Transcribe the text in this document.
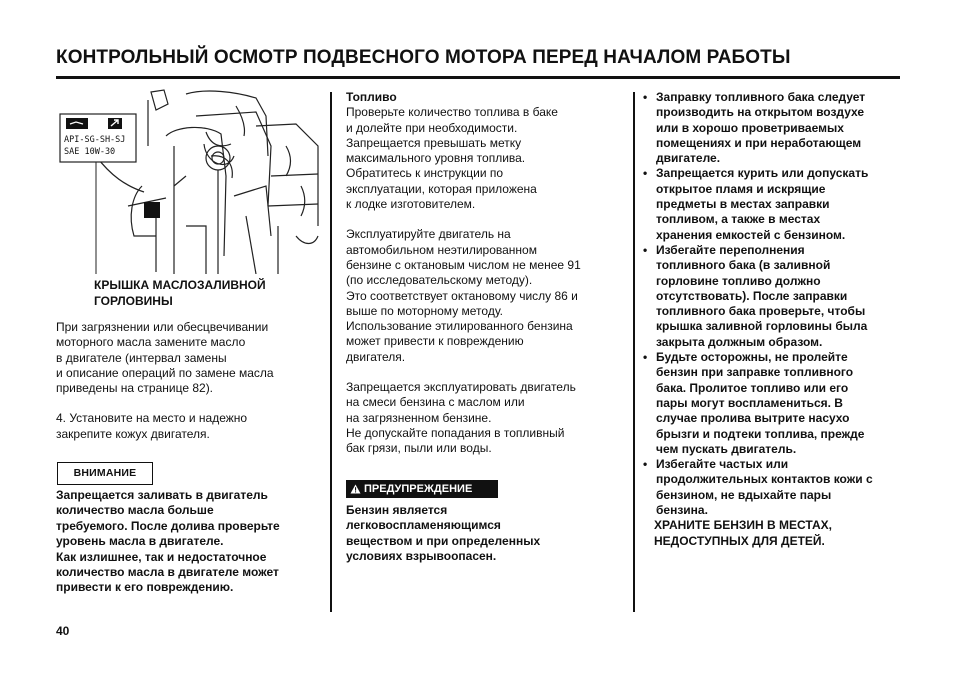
КОНТРОЛЬНЫЙ ОСМОТР ПОДВЕСНОГО МОТОРА ПЕРЕД НАЧАЛОМ РАБОТЫ
API-SG-SH-SJ
SAE 10W-30
КРЫШКА МАСЛОЗАЛИВНОЙ
ГОРЛОВИНЫ
При загрязнении или обесцвечивании
моторного масла замените масло
в двигателе (интервал замены
и описание операций по замене масла
приведены на странице 82).
4. Установите на место и надежно
закрепите кожух двигателя.
ВНИМАНИЕ
Запрещается заливать в двигатель
количество масла больше
требуемого. После долива проверьте
уровень масла в двигателе.
Как излишнее, так и недостаточное
количество масла в двигателе может
привести к его повреждению.
Топливо
Проверьте количество топлива в баке
и долейте при необходимости.
Запрещается превышать метку
максимального уровня топлива.
Обратитесь к инструкции по
эксплуатации, которая приложена
к лодке изготовителем.
Эксплуатируйте двигатель на
автомобильном неэтилированном
бензине с октановым числом не менее 91
(по исследовательскому методу).
Это соответствует октановому числу 86 и
выше по моторному методу.
Использование этилированного бензина
может привести к повреждению
двигателя.
Запрещается эксплуатировать двигатель
на смеси бензина с маслом или
на загрязненном бензине.
Не допускайте попадания в топливный
бак грязи, пыли или воды.
ПРЕДУПРЕЖДЕНИЕ
Бензин является
легковоспламеняющимся
веществом и при определенных
условиях взрывоопасен.
• Заправку топливного бака следует
производить на открытом воздухе
или в хорошо проветриваемых
помещениях и при неработающем
двигателе.
• Запрещается курить или допускать
открытое пламя и искрящие
предметы в местах заправки
топливом, а также в местах
хранения емкостей с бензином.
• Избегайте переполнения
топливного бака (в заливной
горловине топливо должно
отсутствовать). После заправки
топливного бака проверьте, чтобы
крышка заливной горловины была
закрыта должным образом.
• Будьте осторожны, не пролейте
бензин при заправке топливного
бака. Пролитое топливо или его
пары могут воспламениться. В
случае пролива вытрите насухо
брызги и подтеки топлива, прежде
чем пускать двигатель.
• Избегайте частых или
продолжительных контактов кожи с
бензином, не вдыхайте пары
бензина.
ХРАНИТЕ БЕНЗИН В МЕСТАХ,
НЕДОСТУПНЫХ ДЛЯ ДЕТЕЙ.
40
